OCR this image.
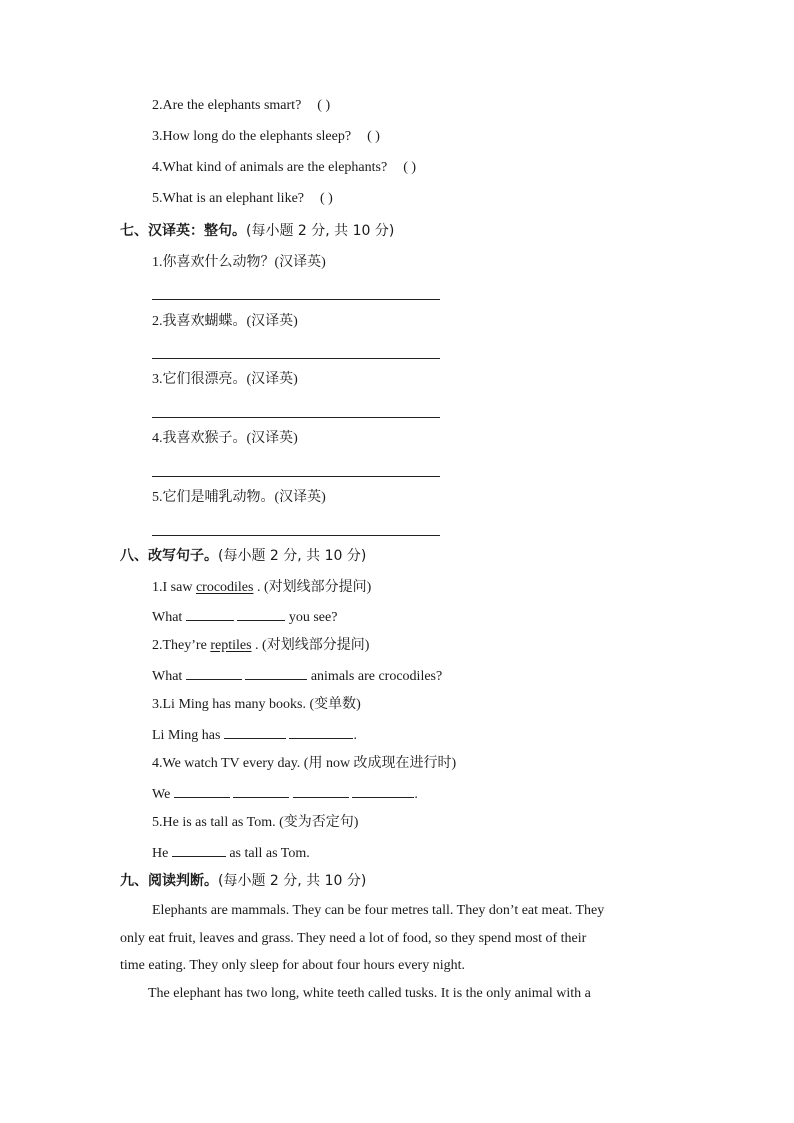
2.Are the elephants smart? ( )
3.How long do the elephants sleep? ( )
4.What kind of animals are the elephants? ( )
5.What is an elephant like? ( )
七、汉译英：整句。(每小题 2 分, 共 10 分)
1.你喜欢什么动物？(汉译英)
2.我喜欢蝴蝶。(汉译英)
3.它们很漂亮。(汉译英)
4.我喜欢猴子。(汉译英)
5.它们是哺乳动物。(汉译英)
八、改写句子。(每小题 2 分, 共 10 分)
1.I saw crocodiles . (对划线部分提问)
What	you see?
2.They’re reptiles . (对划线部分提问)
What	animals are crocodiles?
3.Li Ming has many books. (变单数)
Li Ming has	.
4.We watch TV every day. (用 now 改成现在进行时)
We	.
5.He is as tall as Tom. (变为否定句)
He	as tall as Tom.
九、阅读判断。(每小题 2 分, 共 10 分)
Elephants are mammals. They can be four metres tall. They don’t eat meat. They
only eat fruit, leaves and grass. They need a lot of food, so they spend most of their
time eating. They only sleep for about four hours every night.
The elephant has two long, white teeth called tusks. It is the only animal with a
